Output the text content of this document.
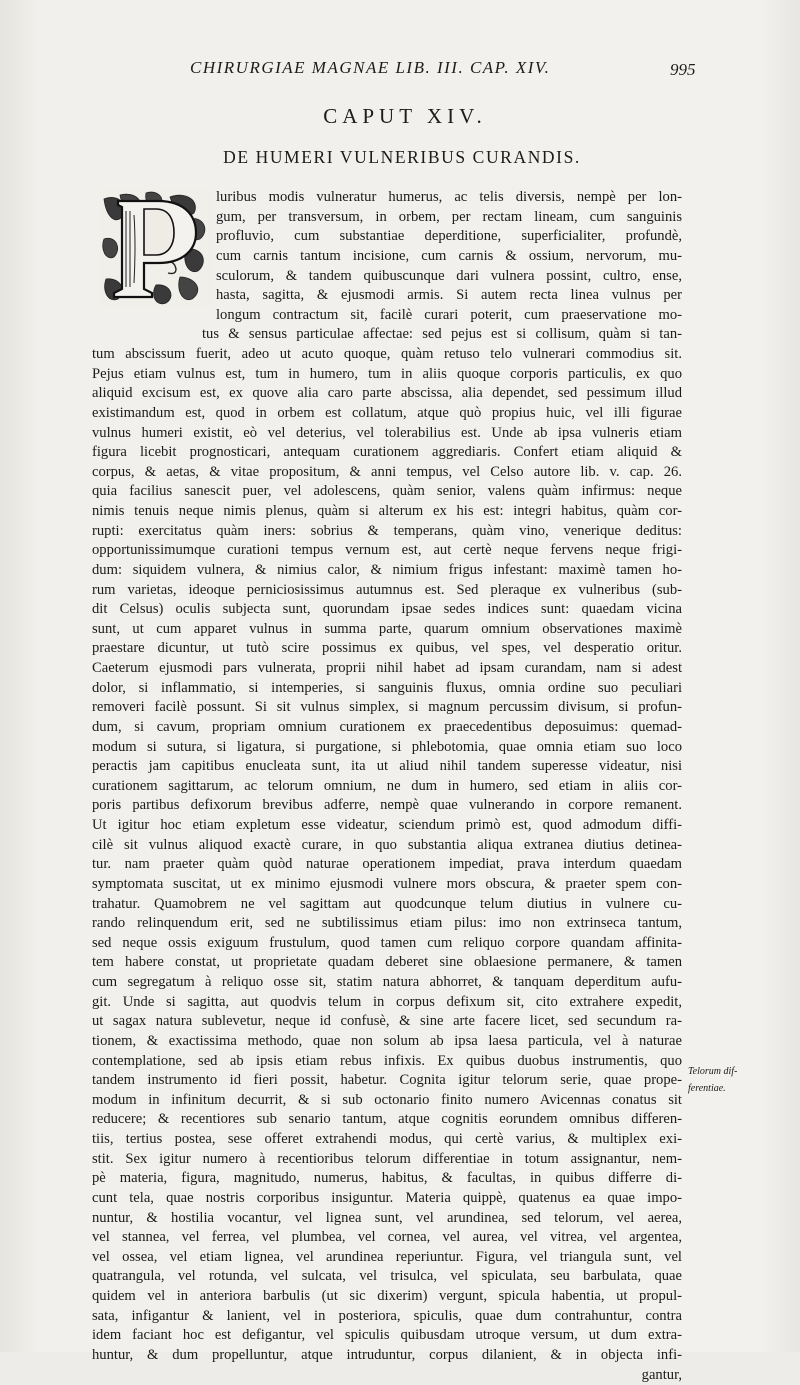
CHIRURGIAE MAGNAE LIB. III. CAP. XIV.	995
CAPUT XIV.
DE HUMERI VULNERIBUS CURANDIS.
luribus modis vulneratur humerus, ac telis diversis, nempè per lon-
gum, per transversum, in orbem, per rectam lineam, cum sanguinis
profluvio, cum substantiae deperditione, superficialiter, profundè,
cum carnis tantum incisione, cum carnis & ossium, nervorum, mu-
sculorum, & tandem quibuscunque dari vulnera possint, cultro, ense,
hasta, sagitta, & ejusmodi armis. Si autem recta linea vulnus per
longum contractum sit, facilè curari poterit, cum praeservatione mo-
tus & sensus particulae affectae: sed pejus est si collisum, quàm si tan-
tum abscissum fuerit, adeo ut acuto quoque, quàm retuso telo vulnerari commodius sit.
Pejus etiam vulnus est, tum in humero, tum in aliis quoque corporis particulis, ex quo
aliquid excisum est, ex quove alia caro parte abscissa, alia dependet, sed pessimum illud
existimandum est, quod in orbem est collatum, atque quò propius huic, vel illi figurae
vulnus humeri existit, eò vel deterius, vel tolerabilius est. Unde ab ipsa vulneris etiam
figura licebit prognosticari, antequam curationem aggrediaris. Confert etiam aliquid &
corpus, & aetas, & vitae propositum, & anni tempus, vel Celso autore lib. v. cap. 26.
quia facilius sanescit puer, vel adolescens, quàm senior, valens quàm infirmus: neque
nimis tenuis neque nimis plenus, quàm si alterum ex his est: integri habitus, quàm cor-
rupti: exercitatus quàm iners: sobrius & temperans, quàm vino, venerique deditus:
opportunissimumque curationi tempus vernum est, aut certè neque fervens neque frigi-
dum: siquidem vulnera, & nimius calor, & nimium frigus infestant: maximè tamen ho-
rum varietas, ideoque perniciosissimus autumnus est. Sed pleraque ex vulneribus (sub-
dit Celsus) oculis subjecta sunt, quorundam ipsae sedes indices sunt: quaedam vicina
sunt, ut cum apparet vulnus in summa parte, quarum omnium observationes maximè
praestare dicuntur, ut tutò scire possimus ex quibus, vel spes, vel desperatio oritur.
Caeterum ejusmodi pars vulnerata, proprii nihil habet ad ipsam curandam, nam si adest
dolor, si inflammatio, si intemperies, si sanguinis fluxus, omnia ordine suo peculiari
removeri facilè possunt. Si sit vulnus simplex, si magnum percussim divisum, si profun-
dum, si cavum, propriam omnium curationem ex praecedentibus deposuimus: quemad-
modum si sutura, si ligatura, si purgatione, si phlebotomia, quae omnia etiam suo loco
peractis jam capitibus enucleata sunt, ita ut aliud nihil tandem superesse videatur, nisi
curationem sagittarum, ac telorum omnium, ne dum in humero, sed etiam in aliis cor-
poris partibus defixorum brevibus adferre, nempè quae vulnerando in corpore remanent.
Ut igitur hoc etiam expletum esse videatur, sciendum primò est, quod admodum diffi-
cilè sit vulnus aliquod exactè curare, in quo substantia aliqua extranea diutius detinea-
tur. nam praeter quàm quòd naturae operationem impediat, prava interdum quaedam
symptomata suscitat, ut ex minimo ejusmodi vulnere mors obscura, & praeter spem con-
trahatur. Quamobrem ne vel sagittam aut quodcunque telum diutius in vulnere cu-
rando relinquendum erit, sed ne subtilissimus etiam pilus: imo non extrinseca tantum,
sed neque ossis exiguum frustulum, quod tamen cum reliquo corpore quandam affinita-
tem habere constat, ut proprietate quadam deberet sine oblaesione permanere, & tamen
cum segregatum à reliquo osse sit, statim natura abhorret, & tanquam deperditum aufu-
git. Unde si sagitta, aut quodvis telum in corpus defixum sit, cito extrahere expedit,
ut sagax natura sublevetur, neque id confusè, & sine arte facere licet, sed secundum ra-
tionem, & exactissima methodo, quae non solum ab ipsa laesa particula, vel à naturae
contemplatione, sed ab ipsis etiam rebus infixis. Ex quibus duobus instrumentis, quo
tandem instrumento id fieri possit, habetur. Cognita igitur telorum serie, quae prope-
modum in infinitum decurrit, & si sub octonario finito numero Avicennas conatus sit
reducere; & recentiores sub senario tantum, atque cognitis eorundem omnibus differen-
tiis, tertius postea, sese offeret extrahendi modus, qui certè varius, & multiplex exi-
stit. Sex igitur numero à recentioribus telorum differentiae in totum assignantur, nem-
pè materia, figura, magnitudo, numerus, habitus, & facultas, in quibus differre di-
cunt tela, quae nostris corporibus insiguntur. Materia quippè, quatenus ea quae impo-
nuntur, & hostilia vocantur, vel lignea sunt, vel arundinea, sed telorum, vel aerea,
vel stannea, vel ferrea, vel plumbea, vel cornea, vel aurea, vel vitrea, vel argentea,
vel ossea, vel etiam lignea, vel arundinea reperiuntur. Figura, vel triangula sunt, vel
quatrangula, vel rotunda, vel sulcata, vel trisulca, vel spiculata, seu barbulata, quae
quidem vel in anteriora barbulis (ut sic dixerim) vergunt, spicula habentia, ut propul-
sata, infigantur & lanient, vel in posteriora, spiculis, quae dum contrahuntur, contra
idem faciant hoc est defigantur, vel spiculis quibusdam utroque versum, ut dum extra-
huntur, & dum propelluntur, atque intruduntur, corpus dilanient, & in objecta infi-
gantur,
Telorum dif-
ferentiae.
